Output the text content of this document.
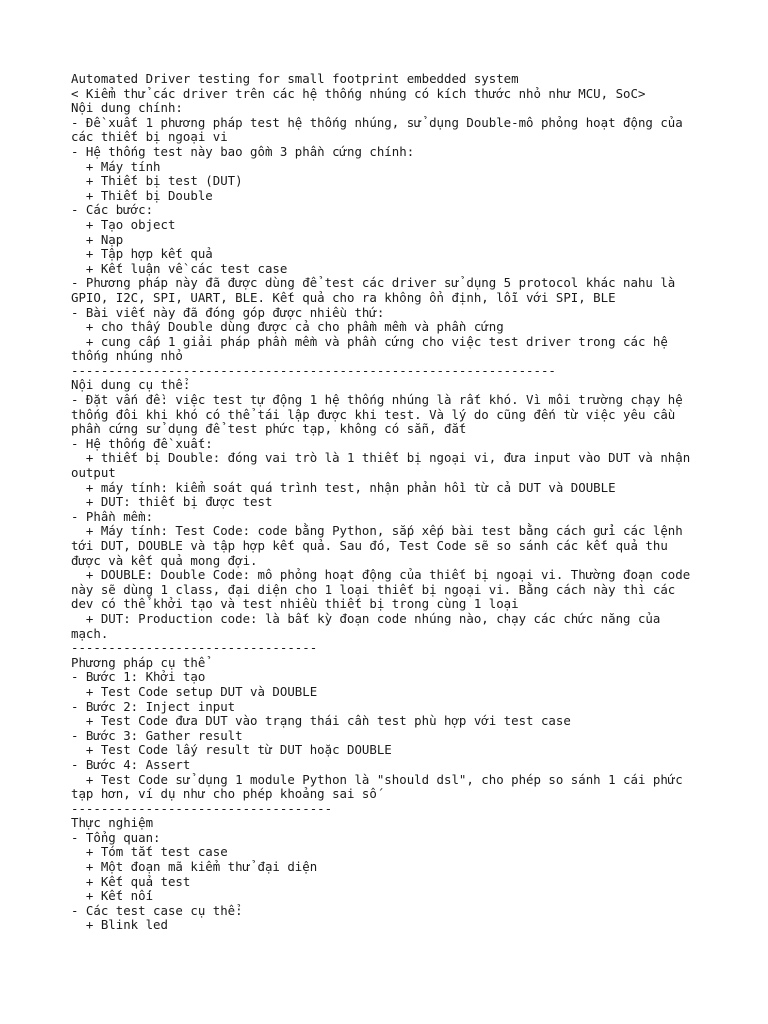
Automated Driver testing for small footprint embedded system
< Kiểm thử các driver trên các hệ thống nhúng có kích thước nhỏ như MCU, SoC>
Nội dung chính:
- Đề xuất 1 phương pháp test hệ thống nhúng, sử dụng Double-mô phỏng hoạt động của
các thiết bị ngoại vi
- Hệ thống test này bao gồm 3 phần cứng chính:
+ Máy tính
+ Thiết bị test (DUT)
+ Thiết bị Double
- Các bước:
+ Tạo object
+ Nạp
+ Tập hợp kết quả
+ Kết luận về các test case
- Phương pháp này đã được dùng để test các driver sử dụng 5 protocol khác nahu là
GPIO, I2C, SPI, UART, BLE. Kết quả cho ra không ổn định, lỗi với SPI, BLE
- Bài viết này đã đóng góp được nhiều thứ:
+ cho thấy Double dùng được cả cho phầm mềm và phần cứng
+ cung cấp 1 giải pháp phần mềm và phần cứng cho việc test driver trong các hệ
thống nhúng nhỏ
-----------------------------------------------------------------
Nội dung cụ thể:
- Đặt vấn đề: việc test tự động 1 hệ thống nhúng là rất khó. Vì môi trường chạy hệ
thống đôi khi khó có thể tái lập được khi test. Và lý do cũng đến từ việc yêu cầu
phần cứng sử dụng để test phức tạp, không có sẵn, đắt
- Hệ thống đề xuất:
+ thiết bị Double: đóng vai trò là 1 thiết bị ngoại vi, đưa input vào DUT và nhận
output
+ máy tính: kiểm soát quá trình test, nhận phản hồi từ cả DUT và DOUBLE
+ DUT: thiết bị được test
- Phần mềm:
+ Máy tính: Test Code: code bằng Python, sắp xếp bài test bằng cách gửi các lệnh
tới DUT, DOUBLE và tập hợp kết quả. Sau đó, Test Code sẽ so sánh các kết quả thu
được và kết quả mong đợi.
+ DOUBLE: Double Code: mô phỏng hoạt động của thiết bị ngoại vi. Thường đoạn code
này sẽ dùng 1 class, đại diện cho 1 loại thiết bị ngoại vi. Bằng cách này thì các
dev có thể khởi tạo và test nhiều thiết bị trong cùng 1 loại
+ DUT: Production code: là bất kỳ đoạn code nhúng nào, chạy các chức năng của
mạch.
---------------------------------
Phương pháp cụ thể
- Bước 1: Khởi tạo
+ Test Code setup DUT và DOUBLE
- Bước 2: Inject input
+ Test Code đưa DUT vào trạng thái cần test phù hợp với test case
- Bước 3: Gather result
+ Test Code lấy result từ DUT hoặc DOUBLE
- Bước 4: Assert
+ Test Code sử dụng 1 module Python là "should dsl", cho phép so sánh 1 cái phức
tạp hơn, ví dụ như cho phép khoảng sai số
-----------------------------------
Thực nghiệm
- Tổng quan:
+ Tóm tắt test case
+ Một đoạn mã kiểm thử đại diện
+ Kết quả test
+ Kết nối
- Các test case cụ thể:
+ Blink led
